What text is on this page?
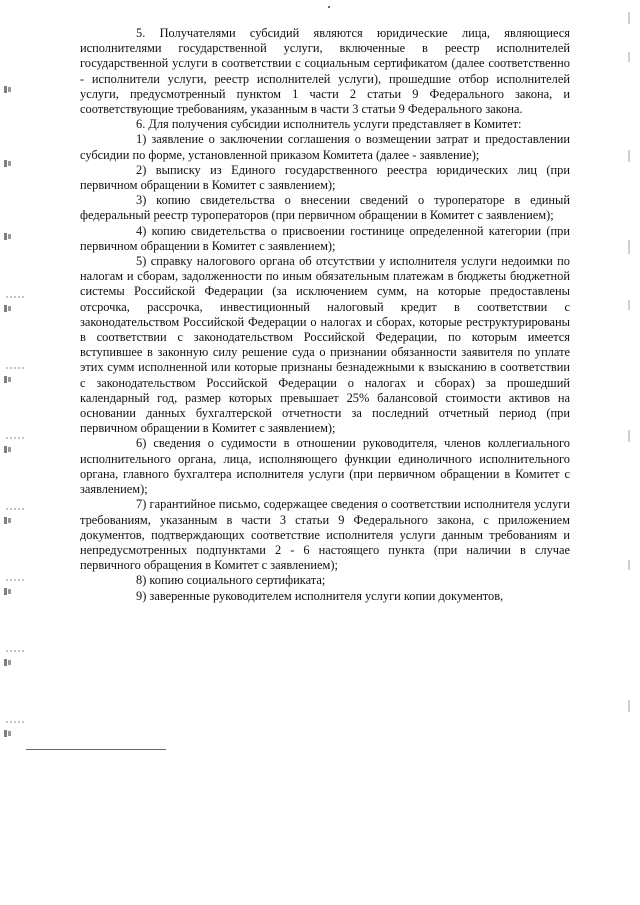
5. Получателями субсидий являются юридические лица, являющиеся исполнителями государственной услуги, включенные в реестр исполнителей государственной услуги в соответствии с социальным сертификатом (далее соответственно - исполнители услуги, реестр исполнителей услуги), прошедшие отбор исполнителей услуги, предусмотренный пунктом 1 части 2 статьи 9 Федерального закона, и соответствующие требованиям, указанным в части 3 статьи 9 Федерального закона.

6. Для получения субсидии исполнитель услуги представляет в Комитет:

1) заявление о заключении соглашения о возмещении затрат и предоставлении субсидии по форме, установленной приказом Комитета (далее - заявление);

2) выписку из Единого государственного реестра юридических лиц (при первичном обращении в Комитет с заявлением);

3) копию свидетельства о внесении сведений о туроператоре в единый федеральный реестр туроператоров (при первичном обращении в Комитет с заявлением);

4) копию свидетельства о присвоении гостинице определенной категории (при первичном обращении в Комитет с заявлением);

5) справку налогового органа об отсутствии у исполнителя услуги недоимки по налогам и сборам, задолженности по иным обязательным платежам в бюджеты бюджетной системы Российской Федерации (за исключением сумм, на которые предоставлены отсрочка, рассрочка, инвестиционный налоговый кредит в соответствии с законодательством Российской Федерации о налогах и сборах, которые реструктурированы в соответствии с законодательством Российской Федерации, по которым имеется вступившее в законную силу решение суда о признании обязанности заявителя по уплате этих сумм исполненной или которые признаны безнадежными к взысканию в соответствии с законодательством Российской Федерации о налогах и сборах) за прошедший календарный год, размер которых превышает 25% балансовой стоимости активов на основании данных бухгалтерской отчетности за последний отчетный период (при первичном обращении в Комитет с заявлением);

6) сведения о судимости в отношении руководителя, членов коллегиального исполнительного органа, лица, исполняющего функции единоличного исполнительного органа, главного бухгалтера исполнителя услуги (при первичном обращении в Комитет с заявлением);

7) гарантийное письмо, содержащее сведения о соответствии исполнителя услуги требованиям, указанным в части 3 статьи 9 Федерального закона, с приложением документов, подтверждающих соответствие исполнителя услуги данным требованиям и непредусмотренных подпунктами 2 - 6 настоящего пункта (при наличии в случае первичного обращения в Комитет с заявлением);

8) копию социального сертификата;

9) заверенные руководителем исполнителя услуги копии документов,
